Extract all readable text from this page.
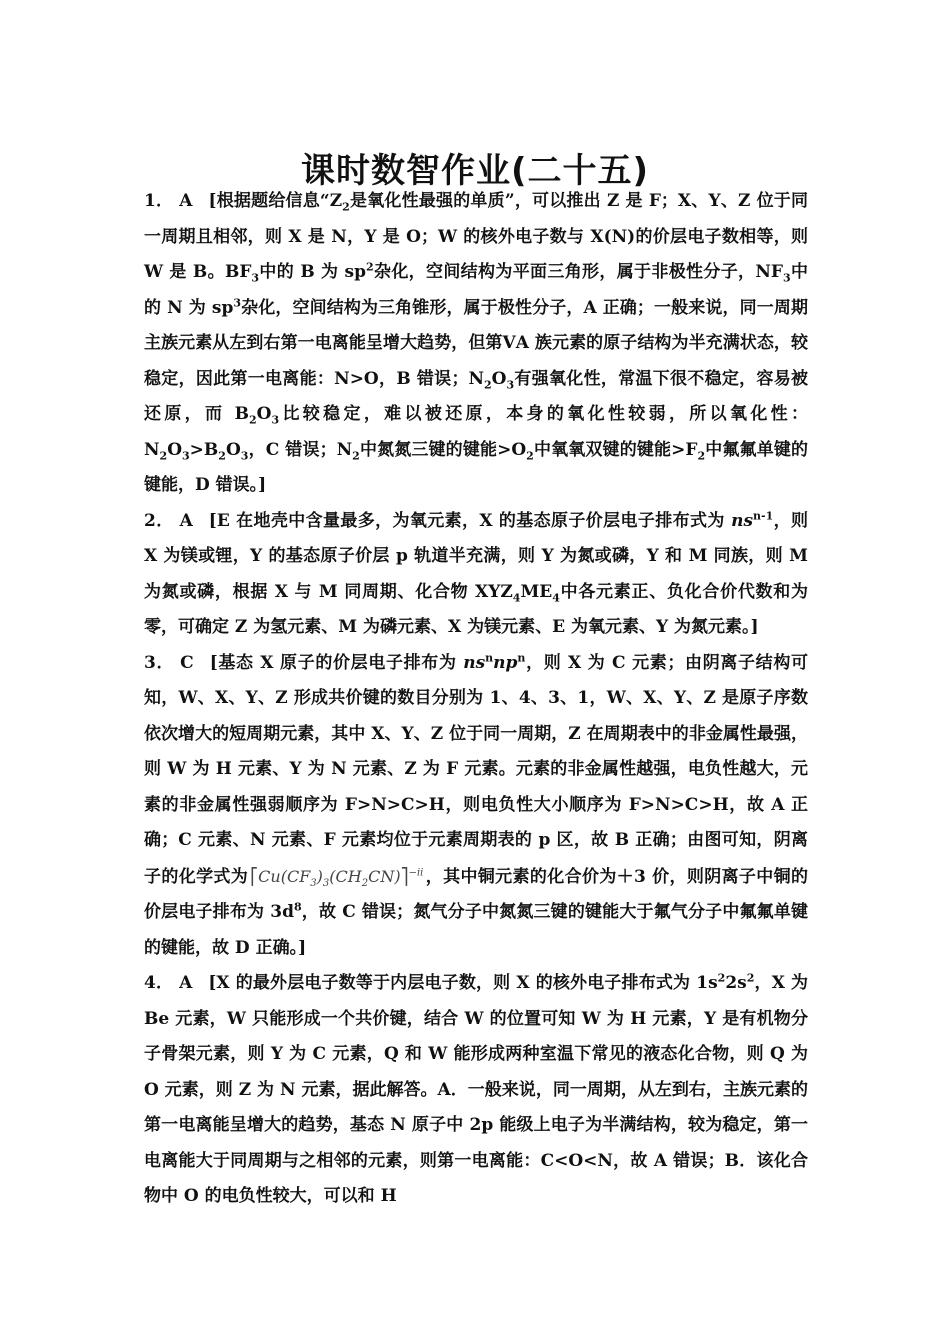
课时数智作业(二十五)

1． A [根据题给信息“$Z_2$是氧化性最强的单质”，可以推出 Z 是 F；X、Y、Z 位于同一周期且相邻，则 X 是 N，Y 是 O；W 的核外电子数与 X(N)的价层电子数相等，则 W 是 B。$BF_3$中的 B 为 $sp^2$杂化，空间结构为平面三角形，属于非极性分子，$NF_3$中的 N 为 $sp^3$杂化，空间结构为三角锥形，属于极性分子，A 正确；一般来说，同一周期主族元素从左到右第一电离能呈增大趋势，但第ⅤA 族元素的原子结构为半充满状态，较稳定，因此第一电离能：N>O，B 错误；$N_2O_3$有强氧化性，常温下很不稳定，容易被还原，而 $B_2O_3$比较稳定，难以被还原，本身的氧化性较弱，所以氧化性：$N_2O_3>B_2O_3$，C 错误；$N_2$中氮氮三键的键能$>O_2$中氧氧双键的键能$>F_2$中氟氟单键的键能，D 错误。]

2． A [E 在地壳中含量最多，为氧元素，X 的基态原子价层电子排布式为 $ns^{n-1}$，则 X 为镁或锂，Y 的基态原子价层 p 轨道半充满，则 Y 为氮或磷，Y 和 M 同族，则 M 为氮或磷，根据 X 与 M 同周期、化合物 $XYZ_4ME_4$中各元素正、负化合价代数和为零，可确定 Z 为氢元素、M 为磷元素、X 为镁元素、E 为氧元素、Y 为氮元素。]

3． C [基态 X 原子的价层电子排布为 $ns^nnp^n$，则 X 为 C 元素；由阴离子结构可知，W、X、Y、Z 形成共价键的数目分别为 1、4、3、1，W、X、Y、Z 是原子序数依次增大的短周期元素，其中 X、Y、Z 位于同一周期，Z 在周期表中的非金属性最强，则 W 为 H 元素、Y 为 N 元素、Z 为 F 元素。元素的非金属性越强，电负性越大，元素的非金属性强弱顺序为 F>N>C>H，则电负性大小顺序为 F>N>C>H，故 A 正确；C 元素、N 元素、F 元素均位于元素周期表的 p 区，故 B 正确；由图可知，阴离子的化学式为 $⎡Cu(CF_3)_3(CH_2CN)⎤^{-ii}$ ，其中铜元素的化合价为＋3 价，则阴离子中铜的价层电子排布为 $3d^8$，故 C 错误；氮气分子中氮氮三键的键能大于氟气分子中氟氟单键的键能，故 D 正确。]

4． A [X 的最外层电子数等于内层电子数，则 X 的核外电子排布式为 $1s^22s^2$，X 为 Be 元素，W 只能形成一个共价键，结合 W 的位置可知 W 为 H 元素，Y 是有机物分子骨架元素，则 Y 为 C 元素，Q 和 W 能形成两种室温下常见的液态化合物，则 Q 为 O 元素，则 Z 为 N 元素，据此解答。A．一般来说，同一周期，从左到右，主族元素的第一电离能呈增大的趋势，基态 N 原子中 2p 能级上电子为半满结构，较为稳定，第一电离能大于同周期与之相邻的元素，则第一电离能：C<O<N，故 A 错误；B．该化合物中 O 的电负性较大，可以和 H
